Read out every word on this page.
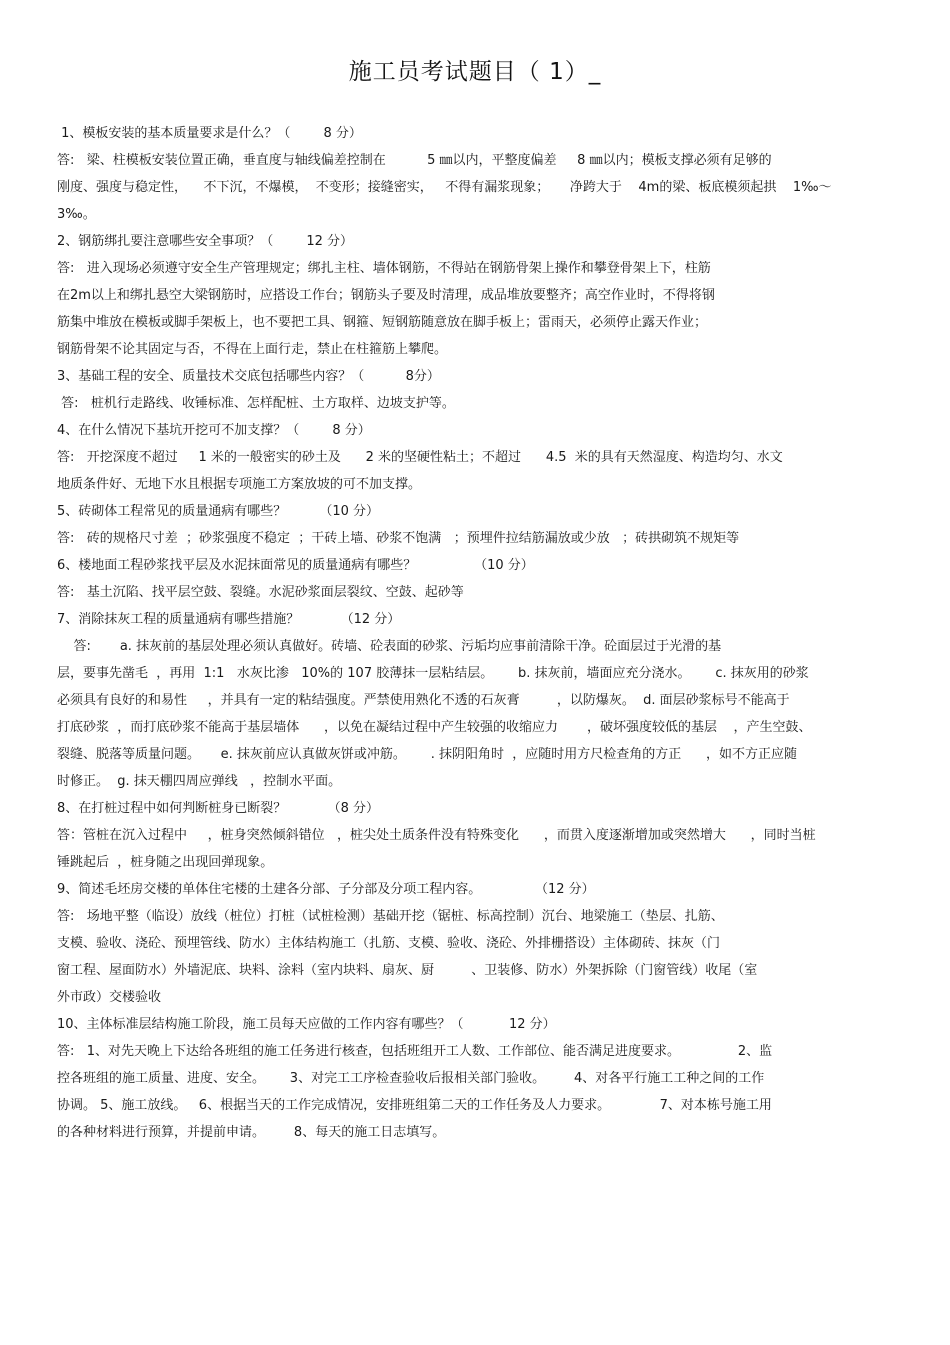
施工员考试题目（ 1）_
1、模板安装的基本质量要求是什么？（        8 分）
答:   梁、柱模板安装位置正确，垂直度与轴线偏差控制在          5 ㎜以内，平整度偏差     8 ㎜以内；模板支撑必须有足够的
刚度、强度与稳定性，    不下沉，不爆模，  不变形；接缝密实，   不得有漏浆现象；     净跨大于    4m的梁、板底模须起拱    1‰～
3‰。
2、钢筋绑扎要注意哪些安全事项？（        12 分）
答:   进入现场必须遵守安全生产管理规定；绑扎主柱、墙体钢筋，不得站在钢筋骨架上操作和攀登骨架上下，柱筋
在2m以上和绑扎悬空大梁钢筋时，应搭设工作台；钢筋头子要及时清理，成品堆放要整齐；高空作业时，不得将钢
筋集中堆放在模板或脚手架板上，也不要把工具、钢箍、短钢筋随意放在脚手板上；雷雨天，必须停止露天作业；
钢筋骨架不论其固定与否，不得在上面行走，禁止在柱箍筋上攀爬。
3、基础工程的安全、质量技术交底包括哪些内容？（          8分）
答:   桩机行走路线、收锤标准、怎样配桩、土方取样、边坡支护等。
4、在什么情况下基坑开挖可不加支撑？（        8 分）
答:   开挖深度不超过     1 米的一般密实的砂土及      2 米的坚硬性粘土；不超过      4.5  米的具有天然湿度、构造均匀、水文
地质条件好、无地下水且根据专项施工方案放坡的可不加支撑。
5、砖砌体工程常见的质量通病有哪些？        （10 分）
答:   砖的规格尺寸差  ；砂浆强度不稳定  ；干砖上墙、砂浆不饱满   ；预埋件拉结筋漏放或少放   ；砖拱砌筑不规矩等
6、楼地面工程砂浆找平层及水泥抹面常见的质量通病有哪些？              （10 分）
答:   基土沉陷、找平层空鼓、裂缝。水泥砂浆面层裂纹、空鼓、起砂等
7、消除抹灰工程的质量通病有哪些措施？          （12 分）
答:       a. 抹灰前的基层处理必须认真做好。砖墙、砼表面的砂浆、污垢均应事前清除干净。砼面层过于光滑的基
层，要事先凿毛  ，再用  1:1   水灰比渗   10%的 107 胶薄抹一层粘结层。      b. 抹灰前，墙面应充分浇水。      c. 抹灰用的砂浆
必须具有良好的和易性     ，并具有一定的粘结强度。严禁使用熟化不透的石灰膏         ，以防爆灰。  d. 面层砂浆标号不能高于
打底砂浆  ，而打底砂浆不能高于基层墙体      ，以免在凝结过程中产生较强的收缩应力       ，破坏强度较低的基层    ，产生空鼓、
裂缝、脱落等质量问题。     e. 抹灰前应认真做灰饼或冲筋。      . 抹阴阳角时  ，应随时用方尺检查角的方正      ，如不方正应随
时修正。  g. 抹天棚四周应弹线   ，控制水平面。
8、在打桩过程中如何判断桩身已断裂？          （8 分）
答：管桩在沉入过程中     ，桩身突然倾斜错位   ，桩尖处土质条件没有特殊变化      ，而贯入度逐渐增加或突然增大      ，同时当桩
锤跳起后  ，桩身随之出现回弹现象。
9、简述毛坯房交楼的单体住宅楼的土建各分部、子分部及分项工程内容。             （12 分）
答:   场地平整（临设）放线（桩位）打桩（试桩检测）基础开挖（锯桩、标高控制）沉台、地梁施工（垫层、扎筋、
支模、验收、浇砼、预埋管线、防水）主体结构施工（扎筋、支模、验收、浇砼、外排栅搭设）主体砌砖、抹灰（门
窗工程、屋面防水）外墙泥底、块料、涂料（室内块料、扇灰、厨         、卫装修、防水）外架拆除（门窗管线）收尾（室
外市政）交楼验收
10、主体标准层结构施工阶段，施工员每天应做的工作内容有哪些？（           12 分）
答:   1、对先天晚上下达给各班组的施工任务进行核查，包括班组开工人数、工作部位、能否满足进度要求。              2、监
控各班组的施工质量、进度、安全。      3、对完工工序检查验收后报相关部门验收。       4、对各平行施工工种之间的工作
协调。 5、施工放线。   6、根据当天的工作完成情况，安排班组第二天的工作任务及人力要求。            7、对本栋号施工用
的各种材料进行预算，并提前申请。       8、每天的施工日志填写。
